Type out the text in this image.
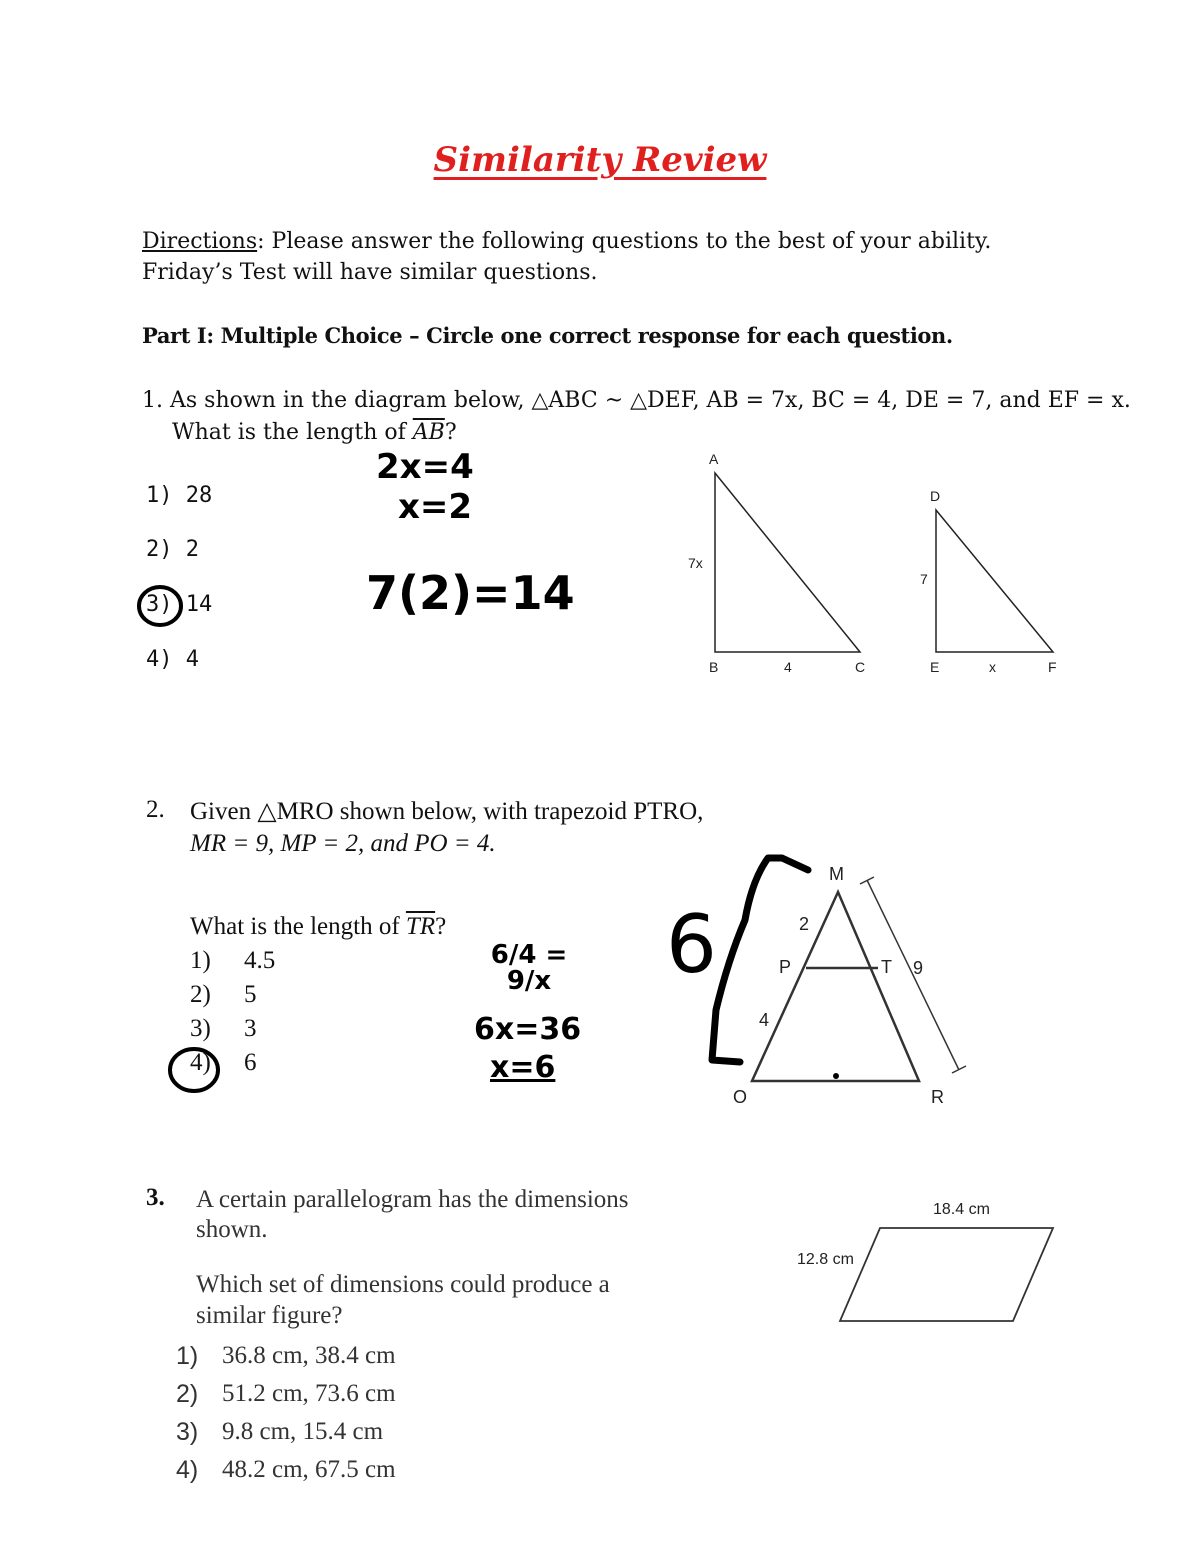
Similarity Review
Directions: Please answer the following questions to the best of your ability.
Friday’s Test will have similar questions.
Part I: Multiple Choice – Circle one correct response for each question.
1. As shown in the diagram below, △ABC ~ △DEF, AB = 7x, BC = 4, DE = 7, and EF = x.
What is the length of $\overline{AB}$?
1) 28
2) 2
3) 14
4) 4
2x=4
x=2
7(2)=14
A
B	C
7x
4
D
E	F
7
x
2. Given △MRO shown below, with trapezoid PTRO,
MR = 9, MP = 2, and PO = 4.
What is the length of $\overline{TR}$?
1) 4.5
2) 5
3) 3
4) 6
6/4 = 9/x
6x=36
x=6
6
M
P	T
O	R
2
4
9
3. A certain parallelogram has the dimensions
shown.
Which set of dimensions could produce a
similar figure?
1) 36.8 cm, 38.4 cm
2) 51.2 cm, 73.6 cm
3) 9.8 cm, 15.4 cm
4) 48.2 cm, 67.5 cm
18.4 cm
12.8 cm
